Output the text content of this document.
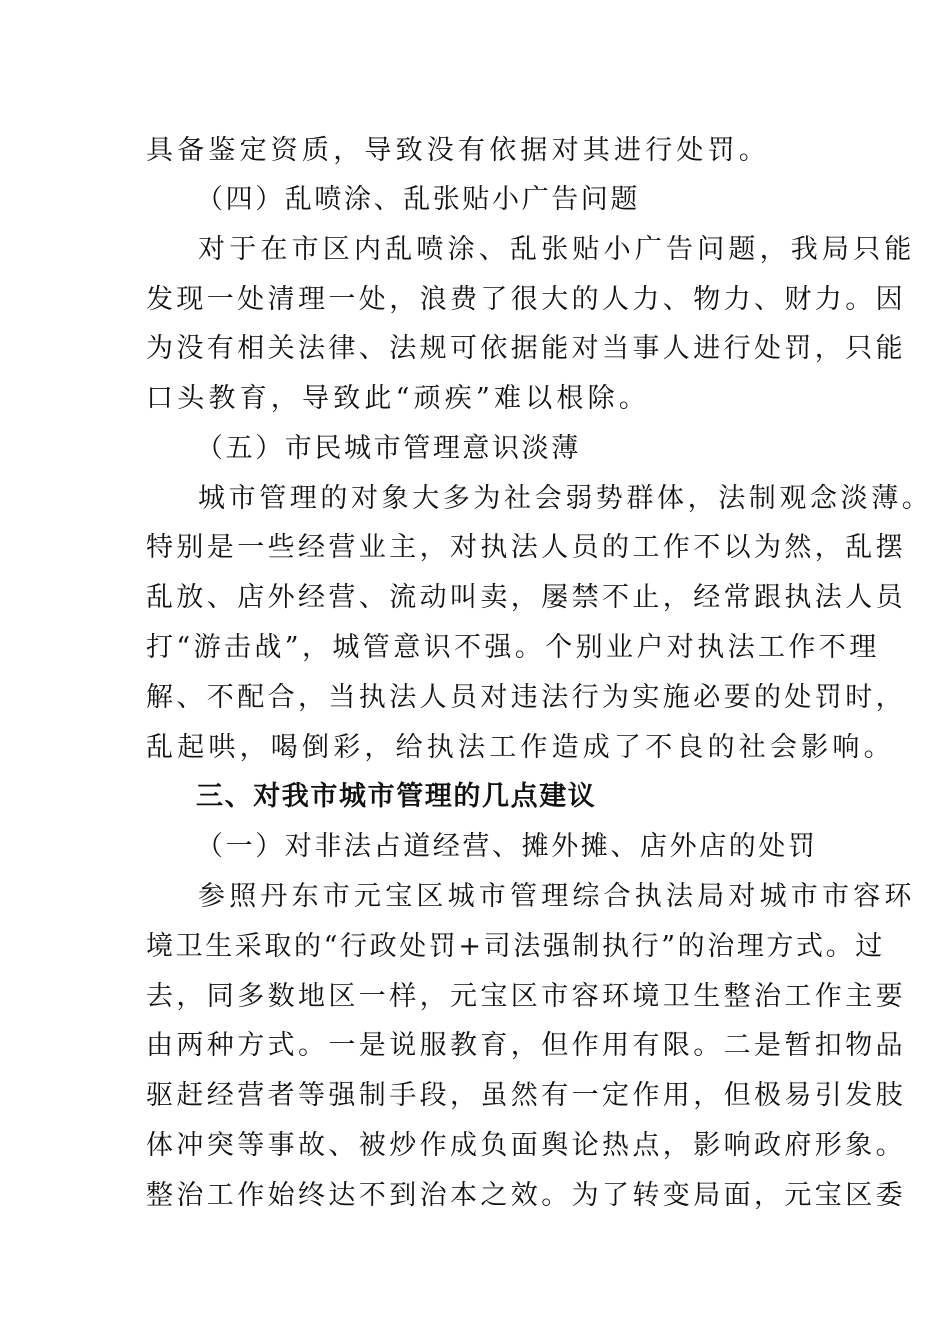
具备鉴定资质，导致没有依据对其进行处罚。
（四）乱喷涂、乱张贴小广告问题
对于在市区内乱喷涂、乱张贴小广告问题，我局只能
发现一处清理一处，浪费了很大的人力、物力、财力。因
为没有相关法律、法规可依据能对当事人进行处罚，只能
口头教育，导致此“顽疾”难以根除。
（五）市民城市管理意识淡薄
城市管理的对象大多为社会弱势群体，法制观念淡薄。
特别是一些经营业主，对执法人员的工作不以为然，乱摆
乱放、店外经营、流动叫卖，屡禁不止，经常跟执法人员
打“游击战”，城管意识不强。个别业户对执法工作不理
解、不配合，当执法人员对违法行为实施必要的处罚时，
乱起哄，喝倒彩，给执法工作造成了不良的社会影响。
三、对我市城市管理的几点建议
（一）对非法占道经营、摊外摊、店外店的处罚
参照丹东市元宝区城市管理综合执法局对城市市容环
境卫生采取的“行政处罚+司法强制执行”的治理方式。过
去，同多数地区一样，元宝区市容环境卫生整治工作主要
由两种方式。一是说服教育，但作用有限。二是暂扣物品
驱赶经营者等强制手段，虽然有一定作用，但极易引发肢
体冲突等事故、被炒作成负面舆论热点，影响政府形象。
整治工作始终达不到治本之效。为了转变局面，元宝区委
